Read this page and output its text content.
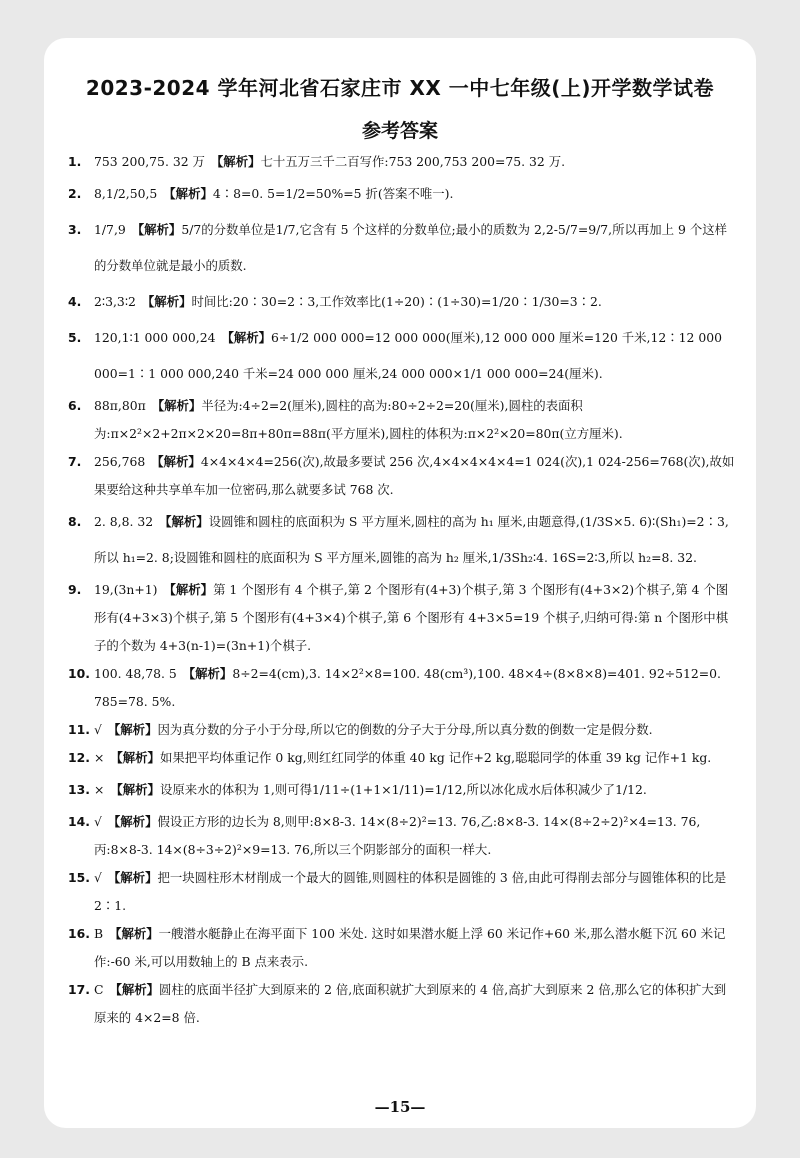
2023-2024 学年河北省石家庄市 XX 一中七年级(上)开学数学试卷
参考答案
1. 753 200,75. 32 万 【解析】七十五万三千二百写作:753 200,753 200=75. 32 万.
2. 8,1/2,50,5 【解析】4∶8=0. 5=1/2=50%=5 折(答案不唯一).
3. 1/7,9 【解析】5/7的分数单位是1/7,它含有 5 个这样的分数单位;最小的质数为 2,2-5/7=9/7,所以再加上 9 个这样的分数单位就是最小的质数.
4. 2∶3,3∶2 【解析】时间比:20∶30=2∶3,工作效率比(1÷20)∶(1÷30)=1/20∶1/30=3∶2.
5. 120,1∶1 000 000,24 【解析】6÷1/2 000 000=12 000 000(厘米),12 000 000 厘米=120 千米,12∶12 000 000=1∶1 000 000,240 千米=24 000 000 厘米,24 000 000×1/1 000 000=24(厘米).
6. 88π,80π 【解析】半径为:4÷2=2(厘米),圆柱的高为:80÷2÷2=20(厘米),圆柱的表面积为:π×2²×2+2π×2×20=8π+80π=88π(平方厘米),圆柱的体积为:π×2²×20=80π(立方厘米).
7. 256,768 【解析】4×4×4×4=256(次),故最多要试 256 次,4×4×4×4×4=1 024(次),1 024-256=768(次),故如果要给这种共享单车加一位密码,那么就要多试 768 次.
8. 2. 8,8. 32 【解析】设圆锥和圆柱的底面积为 S 平方厘米,圆柱的高为 h₁ 厘米,由题意得,(1/3S×5. 6)∶(Sh₁)=2∶3,所以 h₁=2. 8;设圆锥和圆柱的底面积为 S 平方厘米,圆锥的高为 h₂ 厘米,1/3Sh₂∶4. 16S=2∶3,所以 h₂=8. 32.
9. 19,(3n+1) 【解析】第 1 个图形有 4 个棋子,第 2 个图形有(4+3)个棋子,第 3 个图形有(4+3×2)个棋子,第 4 个图形有(4+3×3)个棋子,第 5 个图形有(4+3×4)个棋子,第 6 个图形有 4+3×5=19 个棋子,归纳可得:第 n 个图形中棋子的个数为 4+3(n-1)=(3n+1)个棋子.
10. 100. 48,78. 5 【解析】8÷2=4(cm),3. 14×2²×8=100. 48(cm³),100. 48×4÷(8×8×8)=401. 92÷512=0. 785=78. 5%.
11. √ 【解析】因为真分数的分子小于分母,所以它的倒数的分子大于分母,所以真分数的倒数一定是假分数.
12. × 【解析】如果把平均体重记作 0 kg,则红红同学的体重 40 kg 记作+2 kg,聪聪同学的体重 39 kg 记作+1 kg.
13. × 【解析】设原来水的体积为 1,则可得1/11÷(1+1×1/11)=1/12,所以冰化成水后体积减少了1/12.
14. √ 【解析】假设正方形的边长为 8,则甲:8×8-3. 14×(8÷2)²=13. 76,乙:8×8-3. 14×(8÷2÷2)²×4=13. 76,丙:8×8-3. 14×(8÷3÷2)²×9=13. 76,所以三个阴影部分的面积一样大.
15. √ 【解析】把一块圆柱形木材削成一个最大的圆锥,则圆柱的体积是圆锥的 3 倍,由此可得削去部分与圆锥体积的比是 2∶1.
16. B 【解析】一艘潜水艇静止在海平面下 100 米处. 这时如果潜水艇上浮 60 米记作+60 米,那么潜水艇下沉 60 米记作:-60 米,可以用数轴上的 B 点来表示.
17. C 【解析】圆柱的底面半径扩大到原来的 2 倍,底面积就扩大到原来的 4 倍,高扩大到原来 2 倍,那么它的体积扩大到原来的 4×2=8 倍.
—15—
